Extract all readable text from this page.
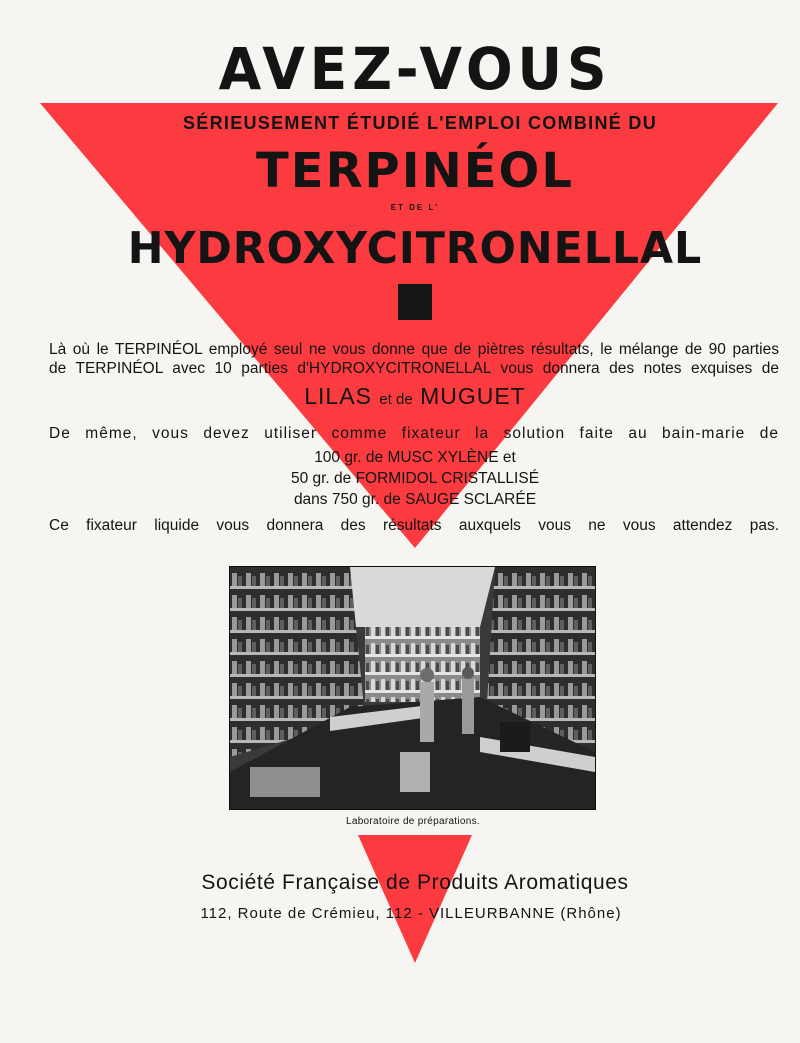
AVEZ-VOUS
SÉRIEUSEMENT ÉTUDIÉ L'EMPLOI COMBINÉ DU
TERPINÉOL
ET DE L'
HYDROXYCITRONELLAL
Là où le TERPINÉOL employé seul ne vous donne que de piètres résultats, le mélange de 90 parties
de TERPINÉOL avec 10 parties d'HYDROXYCITRONELLAL vous donnera des notes exquises de
LILAS et de MUGUET
De même, vous devez utiliser comme fixateur la solution faite au bain-marie de
100 gr. de MUSC XYLÈNE et
50 gr. de FORMIDOL CRISTALLISÉ
dans 750 gr. de SAUGE SCLARÉE
Ce fixateur liquide vous donnera des résultats auxquels vous ne vous attendez pas.
Laboratoire de préparations.
Société Française de Produits Aromatiques
112, Route de Crémieu, 112 - VILLEURBANNE (Rhône)
